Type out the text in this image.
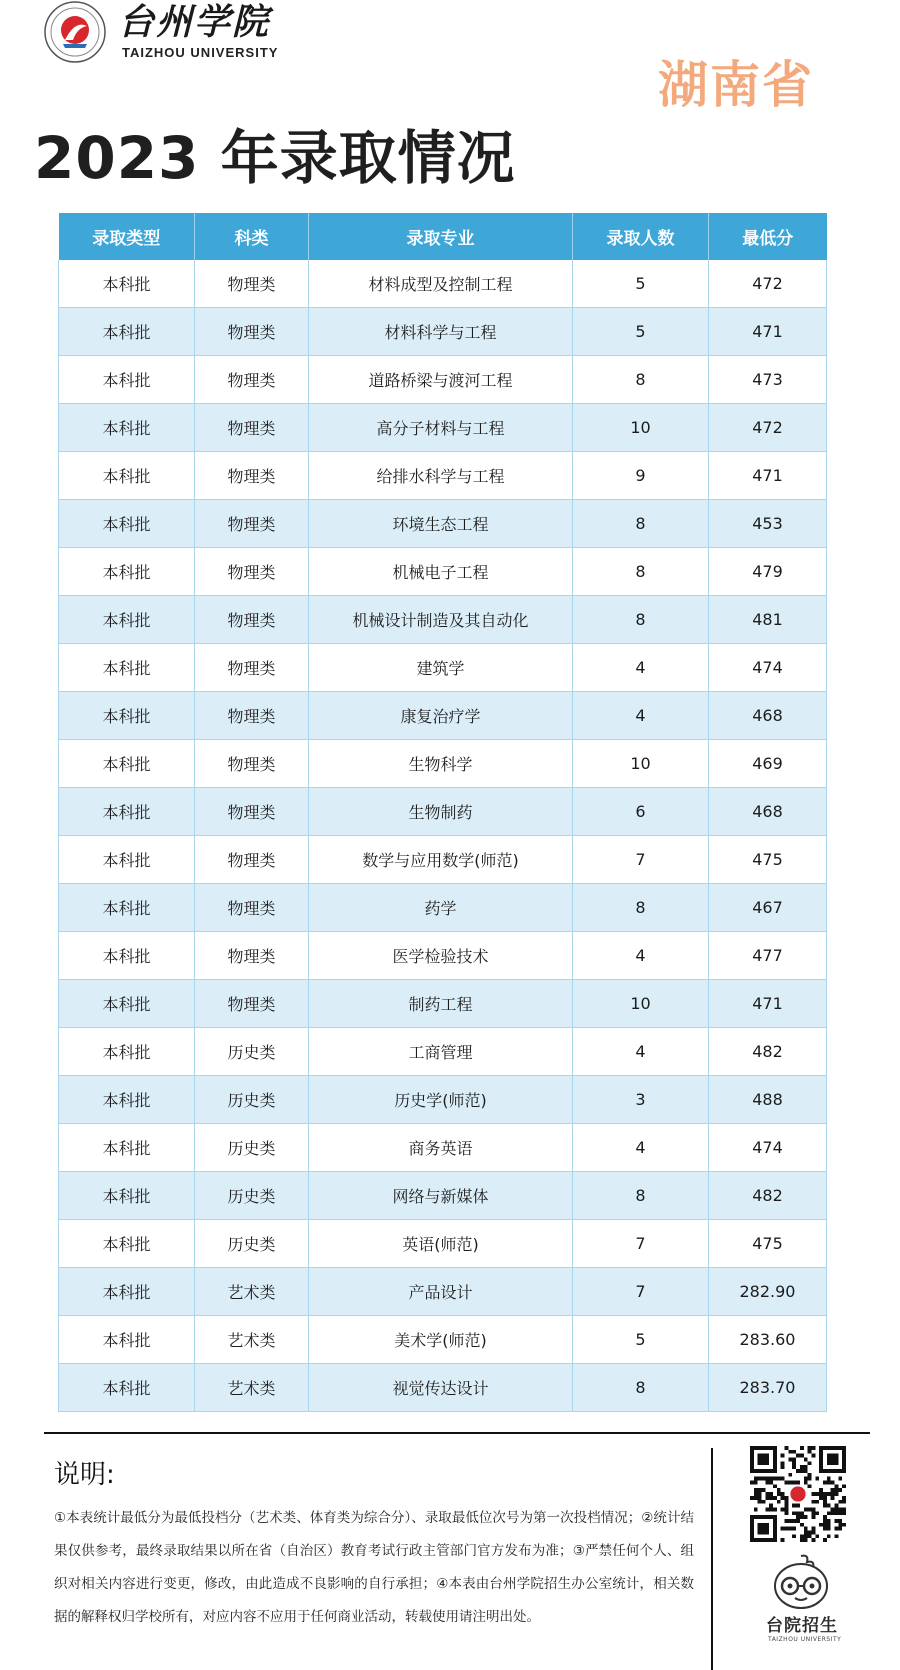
台州学院
TAIZHOU UNIVERSITY
湖南省
2023 年录取情况
录取类型	科类	录取专业	录取人数	最低分
本科批	物理类	材料成型及控制工程	5	472
本科批	物理类	材料科学与工程	5	471
本科批	物理类	道路桥梁与渡河工程	8	473
本科批	物理类	高分子材料与工程	10	472
本科批	物理类	给排水科学与工程	9	471
本科批	物理类	环境生态工程	8	453
本科批	物理类	机械电子工程	8	479
本科批	物理类	机械设计制造及其自动化	8	481
本科批	物理类	建筑学	4	474
本科批	物理类	康复治疗学	4	468
本科批	物理类	生物科学	10	469
本科批	物理类	生物制药	6	468
本科批	物理类	数学与应用数学(师范)	7	475
本科批	物理类	药学	8	467
本科批	物理类	医学检验技术	4	477
本科批	物理类	制药工程	10	471
本科批	历史类	工商管理	4	482
本科批	历史类	历史学(师范)	3	488
本科批	历史类	商务英语	4	474
本科批	历史类	网络与新媒体	8	482
本科批	历史类	英语(师范)	7	475
本科批	艺术类	产品设计	7	282.90
本科批	艺术类	美术学(师范)	5	283.60
本科批	艺术类	视觉传达设计	8	283.70
说明:
①本表统计最低分为最低投档分（艺术类、体育类为综合分）、录取最低位次号为第一次投档情况；②统计结果仅供参考，最终录取结果以所在省（自治区）教育考试行政主管部门官方发布为准；③严禁任何个人、组织对相关内容进行变更，修改，由此造成不良影响的自行承担；④本表由台州学院招生办公室统计，相关数据的解释权归学校所有，对应内容不应用于任何商业活动，转载使用请注明出处。	台院招生
TAIZHOU UNIVERSITY
